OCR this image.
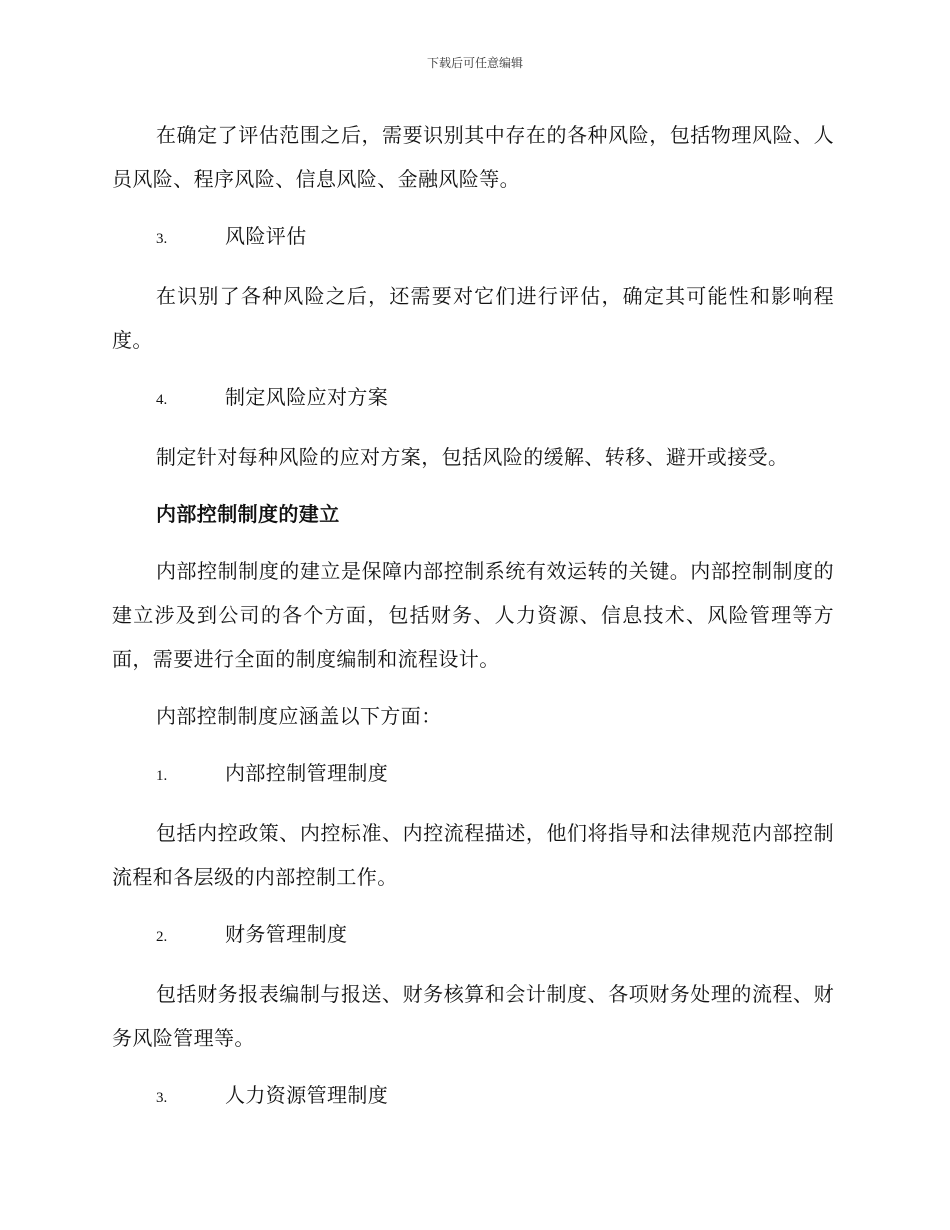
下载后可任意编辑

在确定了评估范围之后，需要识别其中存在的各种风险，包括物理风险、人员风险、程序风险、信息风险、金融风险等。

3.	风险评估

在识别了各种风险之后，还需要对它们进行评估，确定其可能性和影响程度。

4.	制定风险应对方案

制定针对每种风险的应对方案，包括风险的缓解、转移、避开或接受。

内部控制制度的建立

内部控制制度的建立是保障内部控制系统有效运转的关键。内部控制制度的建立涉及到公司的各个方面，包括财务、人力资源、信息技术、风险管理等方面，需要进行全面的制度编制和流程设计。

内部控制制度应涵盖以下方面：

1.	内部控制管理制度

包括内控政策、内控标准、内控流程描述，他们将指导和法律规范内部控制流程和各层级的内部控制工作。

2.	财务管理制度

包括财务报表编制与报送、财务核算和会计制度、各项财务处理的流程、财务风险管理等。

3.	人力资源管理制度
